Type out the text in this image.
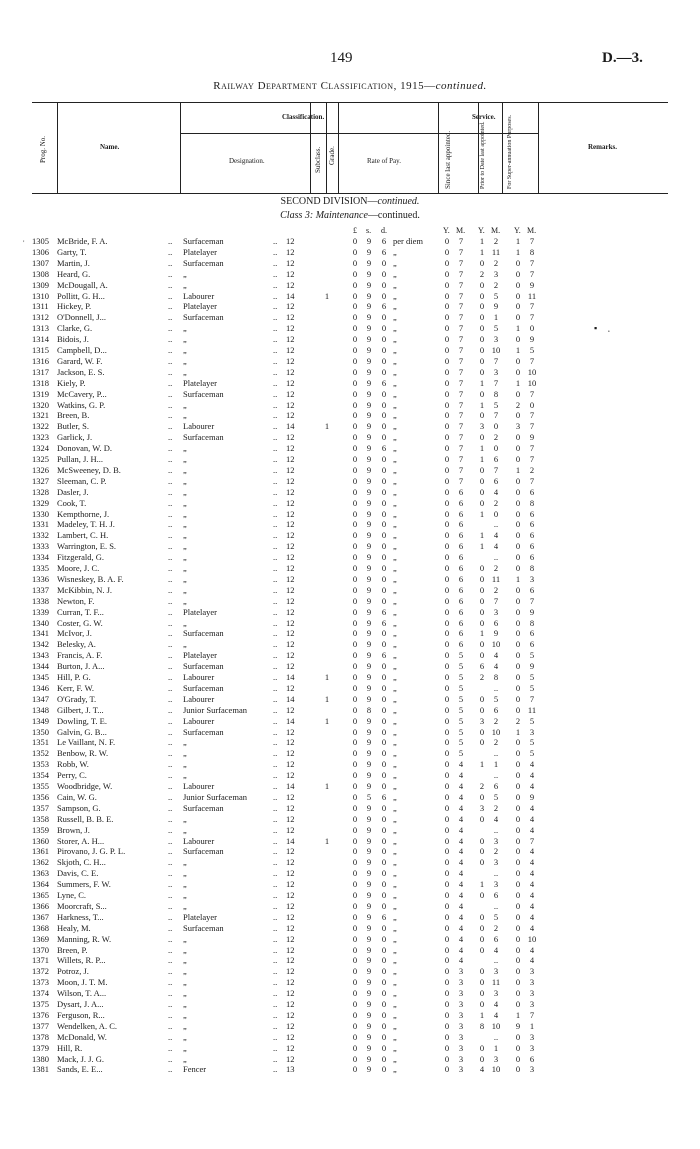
149	D.—3.
Railway Department Classification, 1915—continued.
Prog. No.	Name.
Classification.	Service.
Designation.	Subclass. Grade.	Rate of Pay.	Since last appointed.	Prior to Date last appointed.	For Super-annuation Purposes.	Remarks.
SECOND DIVISION—continued.
Class 3: Maintenance—continued.
£ s. d.	Y. M. Y. M. Y. M.
1305 McBride, F. A.	.. Surfaceman	.. 12	0 9	6 per diem	0	7	1	2	1	7
1306 Garty, T.	.. Platelayer	.. 12	0 9	6 „	0	7	1 11	1	8
1307 Martin, J.	.. Surfaceman	.. 12	0 9	0 „	0	7	0	2	0	7
1308 Heard, G.	.. „	.. 12	0 9	0 „	0	7	2	3	0	7
1309 McDougall, A.	.. „	.. 12	0 9	0 „	0	7	0	2	0	9
1310 Pollitt, G. H...	.. Labourer	.. 14	1	0 9	0 „	0	7	0	5	0 11
1311 Hickey, P.	.. Platelayer	.. 12	0 9	6 „	0	7	0	9	0	7
1312 O'Donnell, J...	.. Surfaceman	.. 12	0 9	0 „	0	7	0	1	0	7
1313 Clarke, G.	.. „	.. 12	0 9	0 „	0	7	0	5	1	0
1314 Bidois, J.	.. „	.. 12	0 9	0 „	0	7	0	3	0	9
1315 Campbell, D...	.. „	.. 12	0 9	0 „	0	7	0 10	1	5
1316 Garard, W. F.	.. „	.. 12	0 9	0 „	0	7	0	7	0	7
1317 Jackson, E. S.	.. „	.. 12	0 9	0 „	0	7	0	3	0 10
1318 Kiely, P.	.. Platelayer	.. 12	0 9	6 „	0	7	1	7	1 10
1319 McCavery, P...	.. Surfaceman	.. 12	0 9	0 „	0	7	0	8	0	7
1320 Watkins, G. P.	.. „	.. 12	0 9	0 „	0	7	1	5	2	0
1321 Breen, B.	.. „	.. 12	0 9	0 „	0	7	0	7	0	7
1322 Butler, S.	.. Labourer	.. 14	1	0 9	0 „	0	7	3	0	3	7
1323 Garlick, J.	.. Surfaceman	.. 12	0 9	0 „	0	7	0	2	0	9
1324 Donovan, W. D.	.. „	.. 12	0 9	6 „	0	7	1	0	0	7
1325 Pullan, J. H...	.. „	.. 12	0 9	0 „	0	7	1	6	0	7
1326 McSweeney, D. B.	.. „	.. 12	0 9	0 „	0	7	0	7	1	2
1327 Sleeman, C. P.	.. „	.. 12	0 9	0 „	0	7	0	6	0	7
1328 Dasler, J.	.. „	.. 12	0 9	0 „	0	6	0	4	0	6
1329 Cook, T.	.. „	.. 12	0 9	0 „	0	6	0	2	0	8
1330 Kempthorne, J.	.. „	.. 12	0 9	0 „	0	6	1	0	0	6
1331 Madeley, T. H. J.	.. „	.. 12	0 9	0 „	0	6	..	0	6
1332 Lambert, C. H.	.. „	.. 12	0 9	0 „	0	6	1	4	0	6
1333 Warrington, E. S.	.. „	.. 12	0 9	0 „	0	6	1	4	0	6
1334 Fitzgerald, G.	.. „	.. 12	0 9	0 „	0	6	..	0	6
1335 Moore, J. C.	.. „	.. 12	0 9	0 „	0	6	0	2	0	8
1336 Wisneskey, B. A. F.	.. „	.. 12	0 9	0 „	0	6	0 11	1	3
1337 McKibbin, N. J.	.. „	.. 12	0 9	0 „	0	6	0	2	0	6
1338 Newton, F.	.. „	.. 12	0 9	0 „	0	6	0	7	0	7
1339 Curran, T. F...	.. Platelayer	.. 12	0 9	6 „	0	6	0	3	0	9
1340 Coster, G. W.	.. „	.. 12	0 9	6 „	0	6	0	6	0	8
1341 McIvor, J.	.. Surfaceman	.. 12	0 9	0 „	0	6	1	9	0	6
1342 Belesky, A.	.. „	.. 12	0 9	0 „	0	6	0 10	0	6
1343 Francis, A. F.	.. Platelayer	.. 12	0 9	6 „	0	5	0	4	0	5
1344 Burton, J. A...	.. Surfaceman	.. 12	0 9	0 „	0	5	6	4	0	9
1345 Hill, P. G.	.. Labourer	.. 14	1	0 9	0 „	0	5	2	8	0	5
1346 Kerr, F. W.	.. Surfaceman	.. 12	0 9	0 „	0	5	..	0	5
1347 O'Grady, T.	.. Labourer	.. 14	1	0 9	0 „	0	5	0	5	0	7
1348 Gilbert, J. T...	.. Junior Surfaceman	.. 12	0 8	0 „	0	5	0	6	0 11
1349 Dowling, T. E.	.. Labourer	.. 14	1	0 9	0 „	0	5	3	2	2	5
1350 Galvin, G. B...	.. Surfaceman	.. 12	0 9	0 „	0	5	0 10	1	3
1351 Le Vaillant, N. F.	.. „	.. 12	0 9	0 „	0	5	0	2	0	5
1352 Benbow, R. W.	.. „	.. 12	0 9	0 „	0	5	..	0	5
1353 Robb, W.	.. „	.. 12	0 9	0 „	0	4	1	1	0	4
1354 Perry, C.	.. „	.. 12	0 9	0 „	0	4	..	0	4
1355 Woodbridge, W.	.. Labourer	.. 14	1	0 9	0 „	0	4	2	6	0	4
1356 Cain, W. G.	.. Junior Surfaceman	.. 12	0 5	6 „	0	4	0	5	0	9
1357 Sampson, G.	.. Surfaceman	.. 12	0 9	0 „	0	4	3	2	0	4
1358 Russell, B. B. E.	.. „	.. 12	0 9	0 „	0	4	0	4	0	4
1359 Brown, J.	.. „	.. 12	0 9	0 „	0	4	..	0	4
1360 Storer, A. H...	.. Labourer	.. 14	1	0 9	0 „	0	4	0	3	0	7
1361 Pirovano, J. G. P. L.	.. Surfaceman	.. 12	0 9	0 „	0	4	0	2	0	4
1362 Skjoth, C. H...	.. „	.. 12	0 9	0 „	0	4	0	3	0	4
1363 Davis, C. E.	.. „	.. 12	0 9	0 „	0	4	..	0	4
1364 Summers, F. W.	.. „	.. 12	0 9	0 „	0	4	1	3	0	4
1365 Lyne, C.	.. „	.. 12	0 9	0 „	0	4	0	6	0	4
1366 Moorcraft, S...	.. „	.. 12	0 9	0 „	0	4	..	0	4
1367 Harkness, T...	.. Platelayer	.. 12	0 9	6 „	0	4	0	5	0	4
1368 Healy, M.	.. Surfaceman	.. 12	0 9	0 „	0	4	0	2	0	4
1369 Manning, R. W.	.. „	.. 12	0 9	0 „	0	4	0	6	0 10
1370 Breen, P.	.. „	.. 12	0 9	0 „	0	4	0	4	0	4
1371 Willets, R. P...	.. „	.. 12	0 9	0 „	0	4	..	0	4
1372 Potroz, J.	.. „	.. 12	0 9	0 „	0	3	0	3	0	3
1373 Moon, J. T. M.	.. „	.. 12	0 9	0 „	0	3	0 11	0	3
1374 Wilson, T. A...	.. „	.. 12	0 9	0 „	0	3	0	3	0	3
1375 Dysart, J. A...	.. „	.. 12	0 9	0 „	0	3	0	4	0	3
1376 Ferguson, R...	.. „	.. 12	0 9	0 „	0	3	1	4	1	7
1377 Wendelken, A. C.	.. „	.. 12	0 9	0 „	0	3	8 10	9	1
1378 McDonald, W.	.. „	.. 12	0 9	0 „	0	3	..	0	3
1379 Hill, R.	.. „	.. 12	0 9	0 „	0	3	0	1	0	3
1380 Mack, J. J. G.	.. „	.. 12	0 9	0 „	0	3	0	3	0	6
1381 Sands, E. E...	.. Fencer	.. 13	0 9	0 „	0	3	4 10	0	3
▪ •
,
